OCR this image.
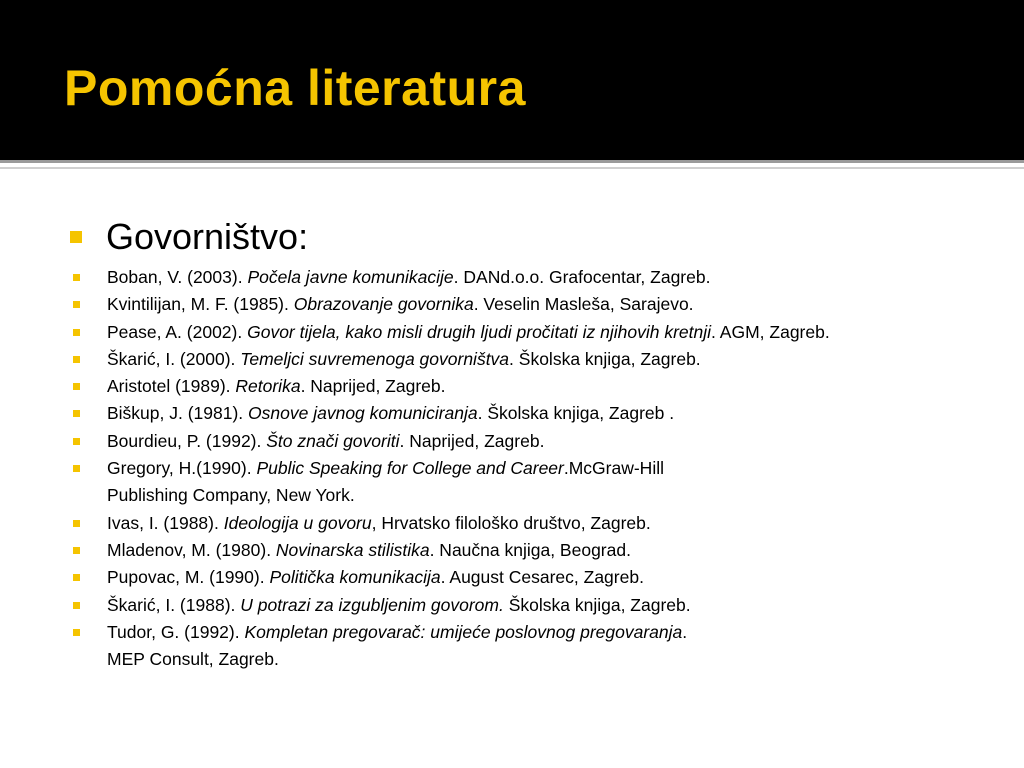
Pomoćna literatura
Govorništvo:
Boban, V. (2003). Počela javne komunikacije. DANd.o.o. Grafocentar, Zagreb.
Kvintilijan, M. F. (1985). Obrazovanje govornika. Veselin Masleša, Sarajevo.
Pease, A. (2002). Govor tijela, kako misli drugih ljudi pročitati iz njihovih kretnji. AGM, Zagreb.
Škarić, I. (2000). Temeljci suvremenoga govorništva. Školska knjiga, Zagreb.
Aristotel (1989). Retorika. Naprijed, Zagreb.
Biškup, J. (1981). Osnove javnog komuniciranja. Školska knjiga, Zagreb .
Bourdieu, P. (1992). Što znači govoriti. Naprijed, Zagreb.
Gregory, H.(1990). Public Speaking for College and Career.McGraw-Hill
Publishing Company, New York.
Ivas, I. (1988). Ideologija u govoru, Hrvatsko filološko društvo, Zagreb.
Mladenov, M. (1980). Novinarska stilistika. Naučna knjiga, Beograd.
Pupovac, M. (1990). Politička komunikacija. August Cesarec, Zagreb.
Škarić, I. (1988). U potrazi za izgubljenim govorom. Školska knjiga, Zagreb.
Tudor, G. (1992). Kompletan pregovarač: umijeće poslovnog pregovaranja.
MEP Consult, Zagreb.
